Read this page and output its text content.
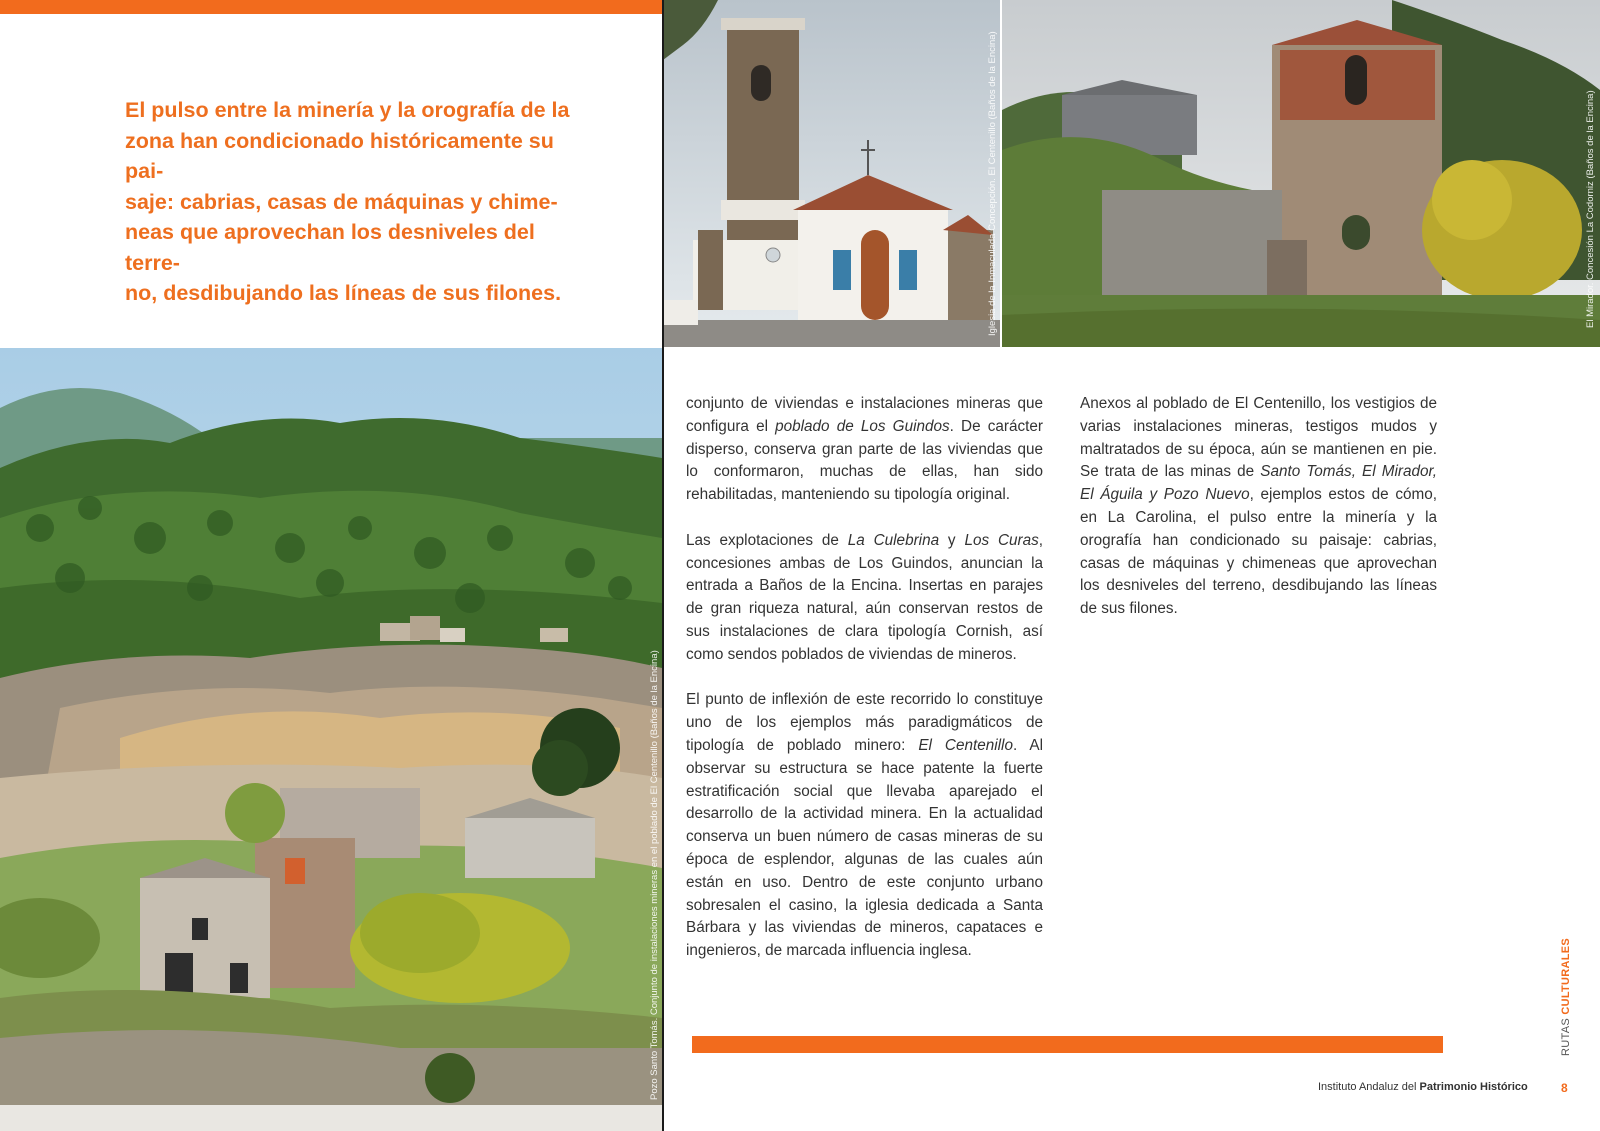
El pulso entre la minería y la orografía de la
zona han condicionado históricamente su pai-
saje: cabrias, casas de máquinas y chime-
neas que aprovechan los desniveles del terre-
no, desdibujando las líneas de sus filones.
Pozo Santo Tomás. Conjunto de instalaciones mineras en el poblado de El Centenillo (Baños de la Encina)
Iglesia de la Inmaculada Concepción. El Centenillo (Baños de la Encina)	El Mirador. Concesión La Codorniz (Baños de la Encina)

conjunto de viviendas e instalaciones mineras que configura el poblado de Los Guindos. De carácter disperso, conserva gran parte de las viviendas que lo conformaron, muchas de ellas, han sido rehabilitadas, manteniendo su tipología original.

Las explotaciones de La Culebrina y Los Curas, concesiones ambas de Los Guindos, anuncian la entrada a Baños de la Encina. Insertas en parajes de gran riqueza natural, aún conservan restos de sus instalaciones de clara tipología Cornish, así como sendos poblados de viviendas de mineros.

El punto de inflexión de este recorrido lo constituye uno de los ejemplos más paradigmáticos de tipología de poblado minero: El Centenillo. Al observar su estructura se hace patente la fuerte estratificación social que llevaba aparejado el desarrollo de la actividad minera. En la actualidad conserva un buen número de casas mineras de su época de esplendor, algunas de las cuales aún están en uso. Dentro de este conjunto urbano sobresalen el casino, la iglesia dedicada a Santa Bárbara y las viviendas de mineros, capataces e ingenieros, de marcada influencia inglesa.

Anexos al poblado de El Centenillo, los vestigios de varias instalaciones mineras, testigos mudos y maltratados de su época, aún se mantienen en pie. Se trata de las minas de Santo Tomás, El Mirador, El Águila y Pozo Nuevo, ejemplos estos de cómo, en La Carolina, el pulso entre la minería y la orografía han condicionado su paisaje: cabrias, casas de máquinas y chimeneas que aprovechan los desniveles del terreno, desdibujando las líneas de sus filones.

RUTAS CULTURALES
Instituto Andaluz del Patrimonio Histórico	8
